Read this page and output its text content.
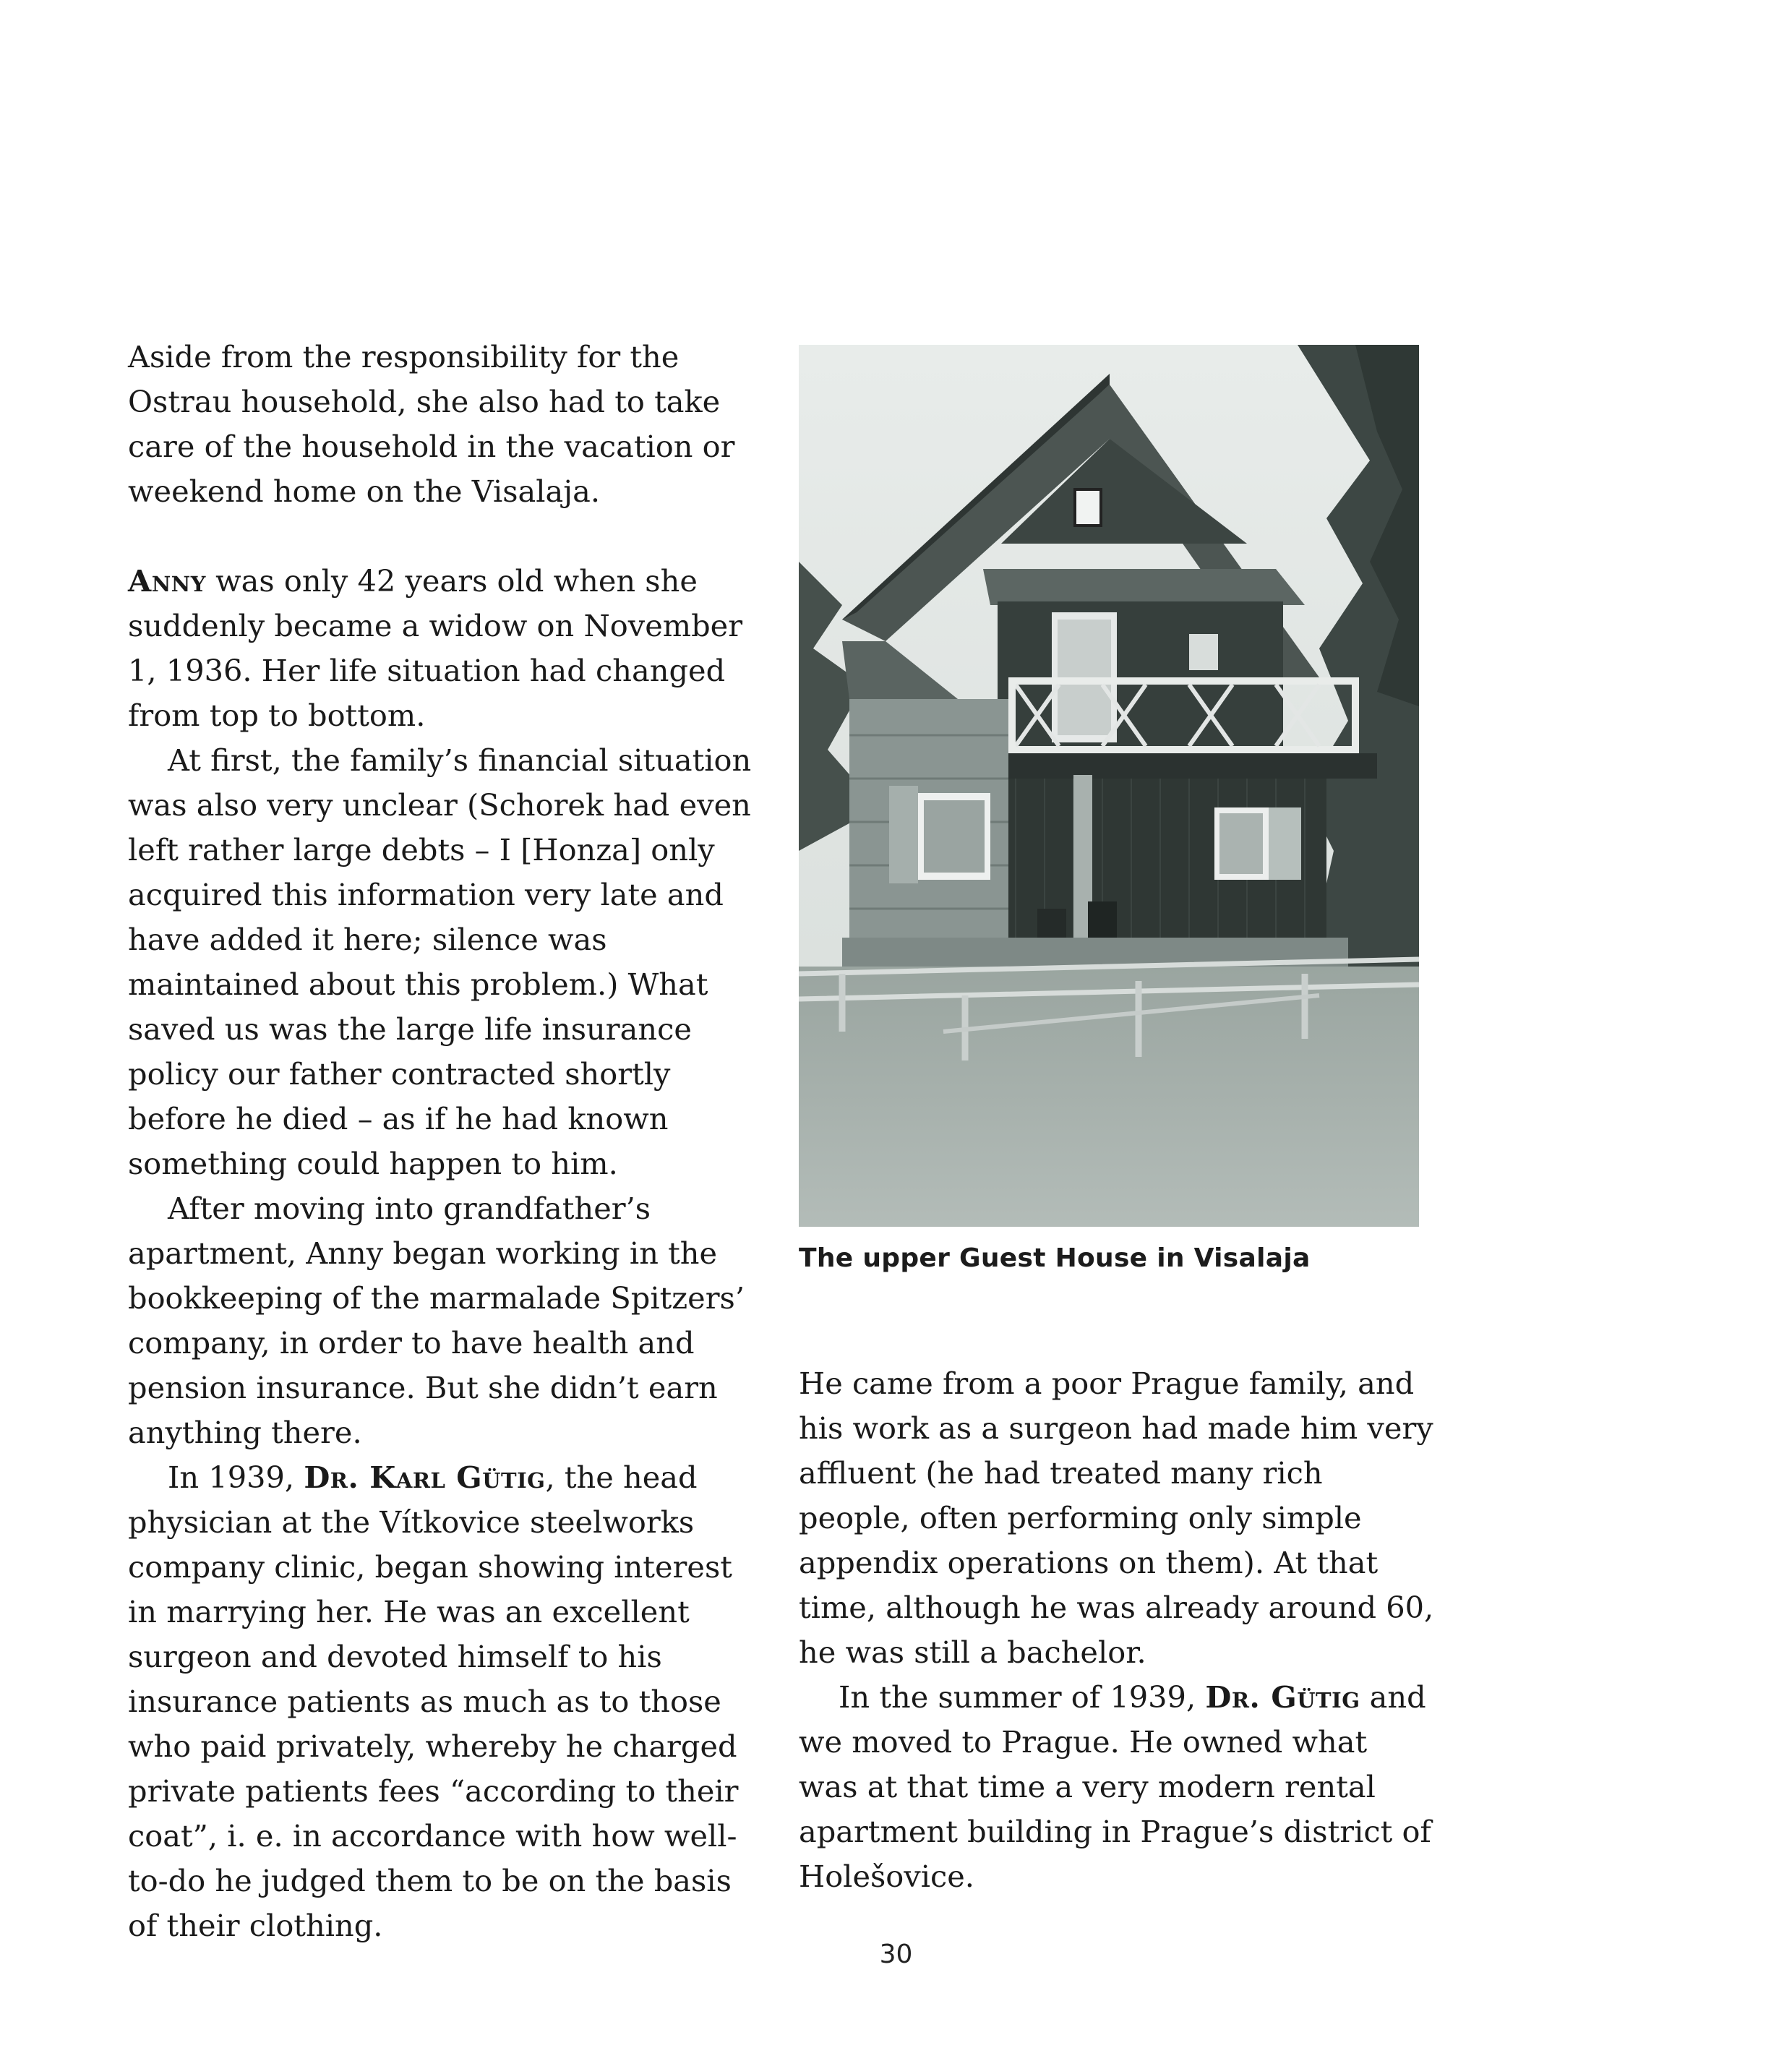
Aside from the responsibility for the Ostrau household, she also had to take care of the household in the vacation or weekend home on the Visalaja.

Anny was only 42 years old when she suddenly became a widow on November 1, 1936. Her life situation had changed from top to bottom.

At first, the family’s financial situation was also very unclear (Schorek had even left rather large debts – I [Honza] only acquired this information very late and have added it here; silence was maintained about this problem.) What saved us was the large life insurance policy our father contracted shortly before he died – as if he had known something could happen to him.

After moving into grandfather’s apartment, Anny began working in the bookkeeping of the marmalade Spitzers’ company, in order to have health and pension insurance. But she didn’t earn anything there.

In 1939, Dr. Karl Gütig, the head physician at the Vítkovice steelworks company clinic, began showing interest in marrying her. He was an excellent surgeon and devoted himself to his insurance patients as much as to those who paid privately, whereby he charged private patients fees “according to their coat”, i. e. in accordance with how well-to-do he judged them to be on the basis of their clothing.

The upper Guest House in Visalaja

He came from a poor Prague family, and his work as a surgeon had made him very affluent (he had treated many rich people, often performing only simple appendix operations on them). At that time, although he was already around 60, he was still a bachelor.

In the summer of 1939, Dr. Gütig and we moved to Prague. He owned what was at that time a very modern rental apartment building in Prague’s district of Holešovice.

30
